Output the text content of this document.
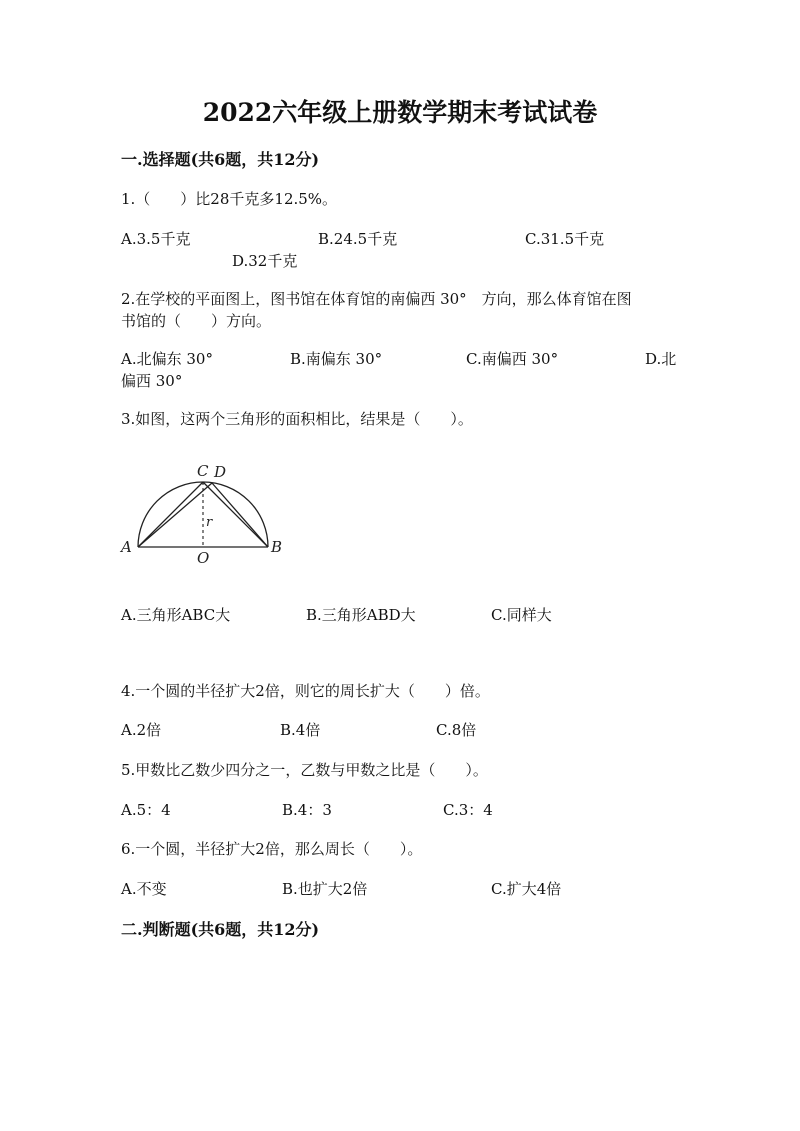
2022六年级上册数学期末考试试卷
一.选择题(共6题，共12分)
1.（　　）比28千克多12.5%。
A.3.5千克	B.24.5千克	C.31.5千克
D.32千克
2.在学校的平面图上，图书馆在体育馆的南偏西 30°　方向，那么体育馆在图
书馆的（　　）方向。
A.北偏东 30°	B.南偏东 30°	C.南偏西 30°	D.北
偏西 30°
3.如图，这两个三角形的面积相比，结果是（　　）。
C D
A	B
O
r
A.三角形ABC大	B.三角形ABD大	C.同样大
4.一个圆的半径扩大2倍，则它的周长扩大（　　）倍。
A.2倍	B.4倍	C.8倍
5.甲数比乙数少四分之一，乙数与甲数之比是（　　）。
A.5：4	B.4：3	C.3：4
6.一个圆，半径扩大2倍，那么周长（　　）。
A.不变	B.也扩大2倍	C.扩大4倍
二.判断题(共6题，共12分)
